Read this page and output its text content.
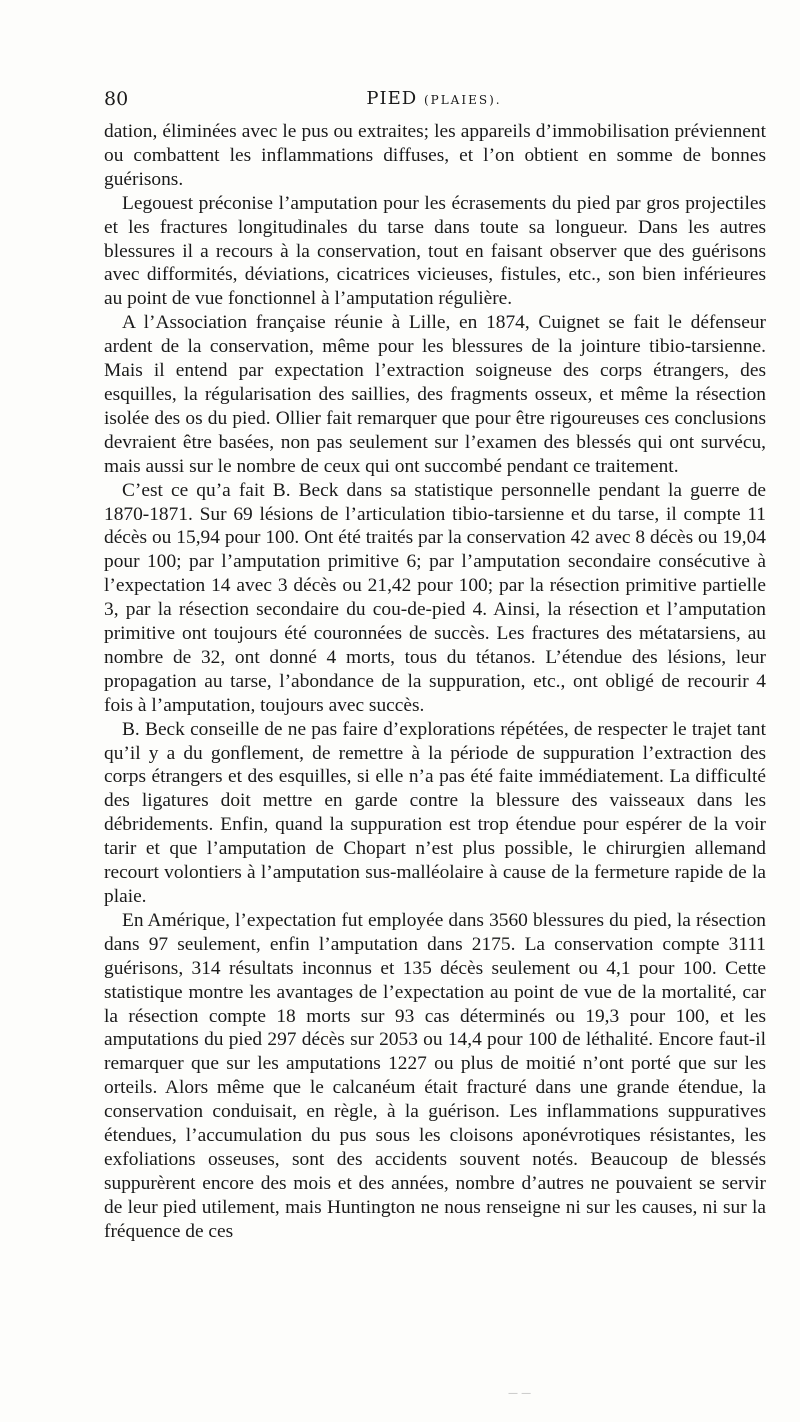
80	PIED (PLAIES).

dation, éliminées avec le pus ou extraites; les appareils d’immobilisation préviennent ou combattent les inflammations diffuses, et l’on obtient en somme de bonnes guérisons.

Legouest préconise l’amputation pour les écrasements du pied par gros projectiles et les fractures longitudinales du tarse dans toute sa longueur. Dans les autres blessures il a recours à la conservation, tout en faisant observer que des guérisons avec difformités, déviations, cicatrices vicieuses, fistules, etc., son bien inférieures au point de vue fonctionnel à l’amputation régulière.

A l’Association française réunie à Lille, en 1874, Cuignet se fait le défenseur ardent de la conservation, même pour les blessures de la jointure tibio-tarsienne. Mais il entend par expectation l’extraction soigneuse des corps étrangers, des esquilles, la régularisation des saillies, des fragments osseux, et même la résection isolée des os du pied. Ollier fait remarquer que pour être rigoureuses ces conclusions devraient être basées, non pas seulement sur l’examen des blessés qui ont survécu, mais aussi sur le nombre de ceux qui ont succombé pendant ce traitement.

C’est ce qu’a fait B. Beck dans sa statistique personnelle pendant la guerre de 1870-1871. Sur 69 lésions de l’articulation tibio-tarsienne et du tarse, il compte 11 décès ou 15,94 pour 100. Ont été traités par la conservation 42 avec 8 décès ou 19,04 pour 100; par l’amputation primitive 6; par l’amputation secondaire consécutive à l’expectation 14 avec 3 décès ou 21,42 pour 100; par la résection primitive partielle 3, par la résection secondaire du cou-de-pied 4. Ainsi, la résection et l’amputation primitive ont toujours été couronnées de succès. Les fractures des métatarsiens, au nombre de 32, ont donné 4 morts, tous du tétanos. L’étendue des lésions, leur propagation au tarse, l’abondance de la suppuration, etc., ont obligé de recourir 4 fois à l’amputation, toujours avec succès.

B. Beck conseille de ne pas faire d’explorations répétées, de respecter le trajet tant qu’il y a du gonflement, de remettre à la période de suppuration l’extraction des corps étrangers et des esquilles, si elle n’a pas été faite immédiatement. La difficulté des ligatures doit mettre en garde contre la blessure des vaisseaux dans les débridements. Enfin, quand la suppuration est trop étendue pour espérer de la voir tarir et que l’amputation de Chopart n’est plus possible, le chirurgien allemand recourt volontiers à l’amputation sus-malléolaire à cause de la fermeture rapide de la plaie.

En Amérique, l’expectation fut employée dans 3560 blessures du pied, la résection dans 97 seulement, enfin l’amputation dans 2175. La conservation compte 3111 guérisons, 314 résultats inconnus et 135 décès seulement ou 4,1 pour 100. Cette statistique montre les avantages de l’expectation au point de vue de la mortalité, car la résection compte 18 morts sur 93 cas déterminés ou 19,3 pour 100, et les amputations du pied 297 décès sur 2053 ou 14,4 pour 100 de léthalité. Encore faut-il remarquer que sur les amputations 1227 ou plus de moitié n’ont porté que sur les orteils. Alors même que le calcanéum était fracturé dans une grande étendue, la conservation conduisait, en règle, à la guérison. Les inflammations suppuratives étendues, l’accumulation du pus sous les cloisons aponévrotiques résistantes, les exfoliations osseuses, sont des accidents souvent notés. Beaucoup de blessés suppurèrent encore des mois et des années, nombre d’autres ne pouvaient se servir de leur pied utilement, mais Huntington ne nous renseigne ni sur les causes, ni sur la fréquence de ces

— —
